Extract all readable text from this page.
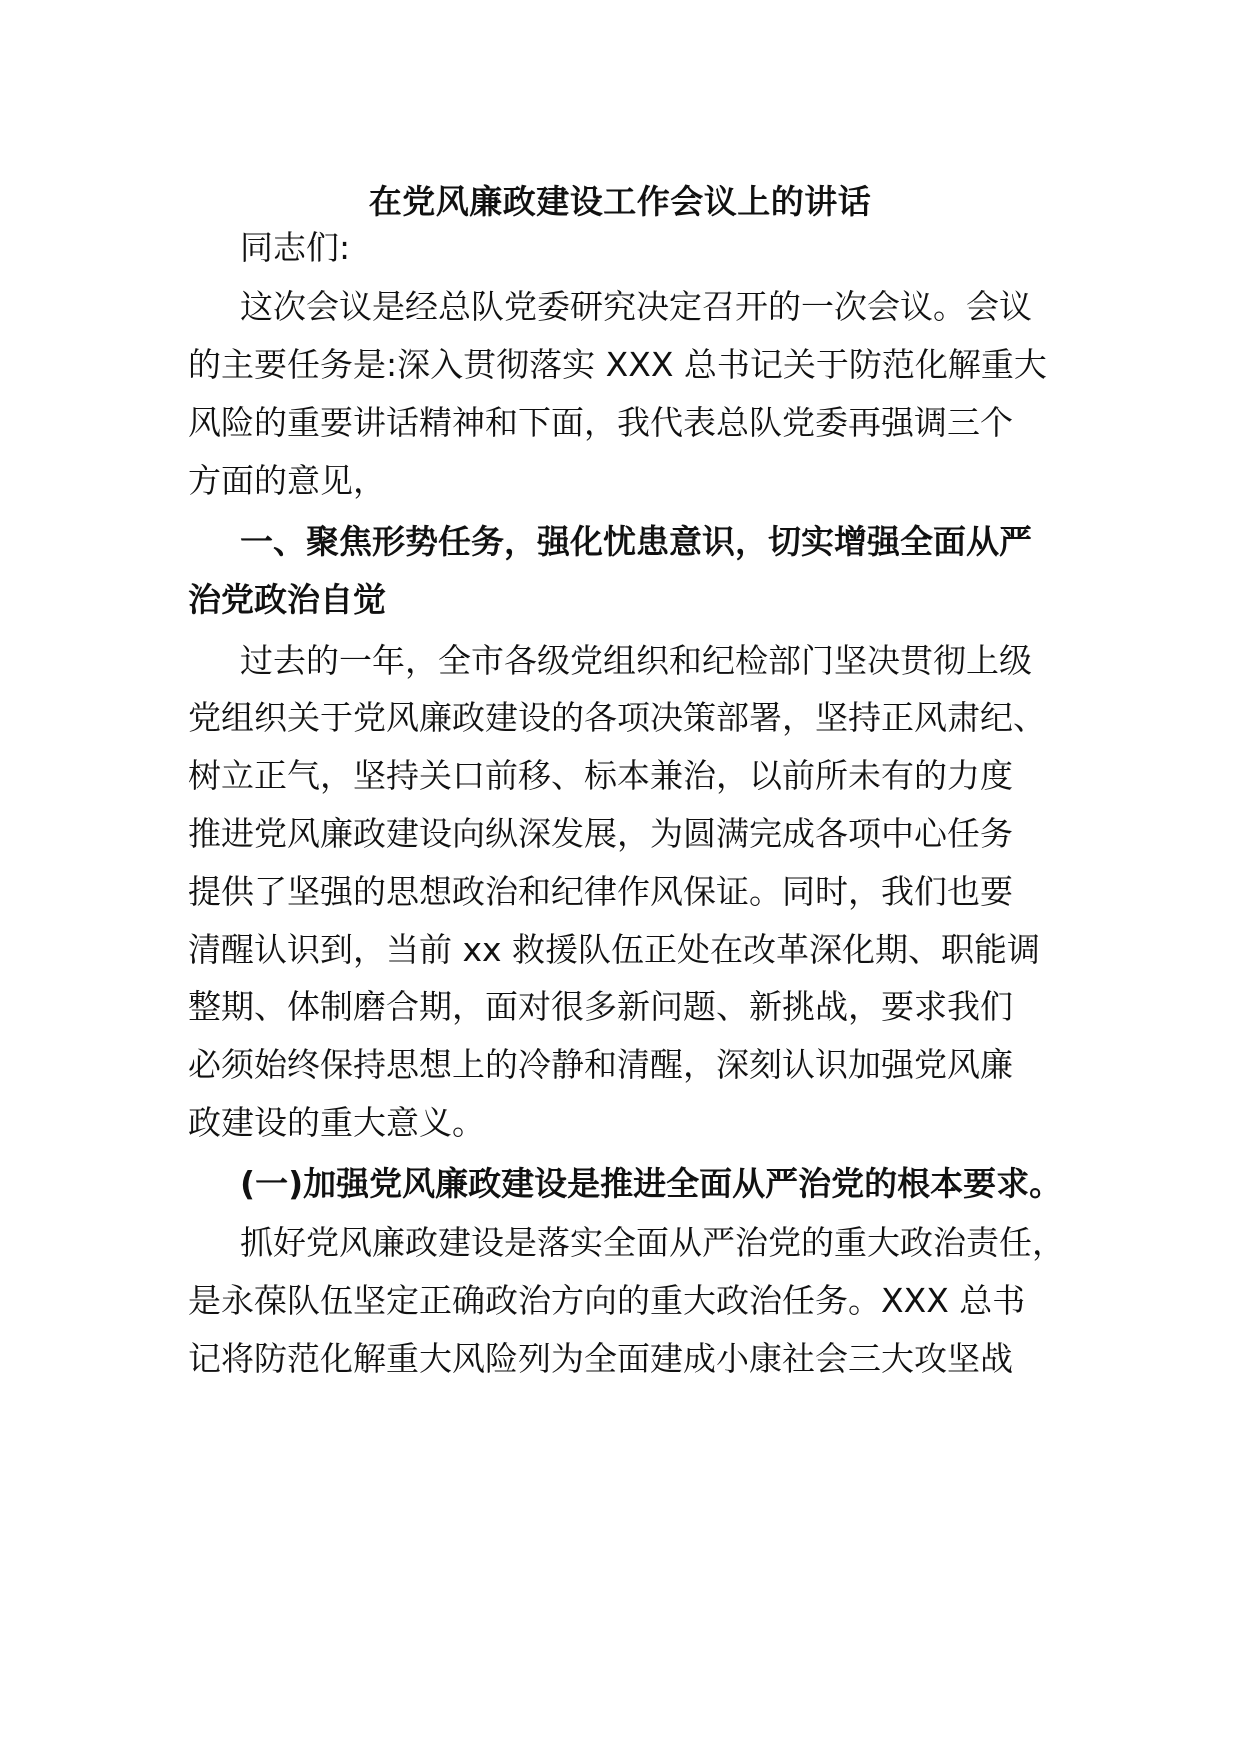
在党风廉政建设工作会议上的讲话
同志们:
这次会议是经总队党委研究决定召开的一次会议。会议
的主要任务是:深入贯彻落实 XXX 总书记关于防范化解重大
风险的重要讲话精神和下面，我代表总队党委再强调三个
方面的意见，
一、聚焦形势任务，强化忧患意识，切实增强全面从严
治党政治自觉
过去的一年，全市各级党组织和纪检部门坚决贯彻上级
党组织关于党风廉政建设的各项决策部署，坚持正风肃纪、
树立正气，坚持关口前移、标本兼治，以前所未有的力度
推进党风廉政建设向纵深发展，为圆满完成各项中心任务
提供了坚强的思想政治和纪律作风保证。同时，我们也要
清醒认识到，当前 xx 救援队伍正处在改革深化期、职能调
整期、体制磨合期，面对很多新问题、新挑战，要求我们
必须始终保持思想上的冷静和清醒，深刻认识加强党风廉
政建设的重大意义。
(一)加强党风廉政建设是推进全面从严治党的根本要求。
抓好党风廉政建设是落实全面从严治党的重大政治责任，
是永葆队伍坚定正确政治方向的重大政治任务。XXX 总书
记将防范化解重大风险列为全面建成小康社会三大攻坚战
